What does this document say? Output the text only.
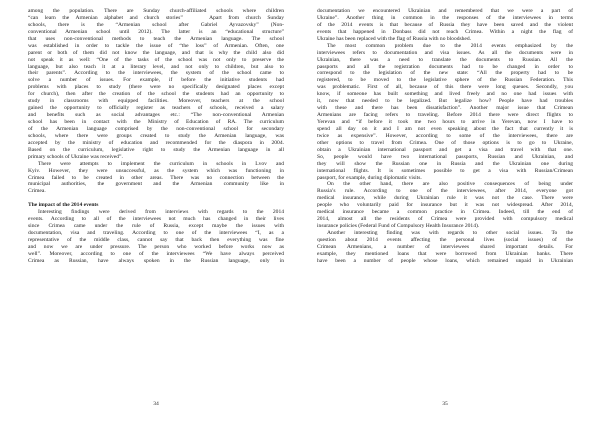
among the population. There are Sunday church-affiliated schools where children
“can learn the Armenian alphabet and church stories”    Apart from church Sunday
schools, there is the “Armenian school after Gabriel Ayvazovsky” (Non-
conventional Armenian school until 2012). The latter is an “educational structure”
that uses non-conventional methods to teach the Armenian language. The school
was established in order to tackle the issue of “the loss” of Armenian. Often, one
parent or both of them did not know the language, and that is why the child also did
not speak it as well: “One of the tasks of the school was not only to preserve the
language, but also teach it at a literary level, and not only to children, but also to
their parents”. According to the interviewees, the system of the school came to
solve a number of issues. For example, if before the initiative students had
problems with places to study (there were no specifically designated places except
for church), then after the creation of the school the students had an opportunity to
study in classrooms with equipped facilities. Moreover, teachers at the school
gained the opportunity to officially register as teachers of schools, received a salary
and benefits such as social advantages etc.: “The non-conventional Armenian
school has been in contact with the Ministry of Education of RA. The curriculum
of the Armenian language comprised by the non-conventional school for secondary
schools, where there were groups created to study the Armenian language, was
accepted by the ministry of education and recommended for the diaspora in 2004.
Based on the curriculum, legislative right to study the Armenian language in all
primary schools of Ukraine was received”.
There were attempts to implement the curriculum in schools in Lvov and
Kyiv. However, they were unsuccessful, as the system which was functioning in
Crimea failed to be created in other areas. There was no connection between the
municipal authorities, the government and the Armenian community like in
Crimea.
The impact of the 2014 events
Interesting findings were derived from interviews with regards to the 2014
events. According to all of the interviewees not much has changed in their lives
since Crimea came under the rule of Russia, except maybe the issues with
documentation, visa and traveling. According to one of the interviewees “I, as a
representative of the middle class, cannot say that back then everything was fine
and now we are under pressure. The person who worked before works now as
well”. Moreover, according to one of the interviewees “We have always perceived
Crimea as Russian, have always spoken in the Russian language, only in
34
documentation we encountered Ukrainian and remembered that we were a part of
Ukraine”. Another thing in common in the responses of the interviewees in terms
of the 2014 events is that because of Russia they have been saved and the violent
events that happened in Donbass did not reach Crimea. Within a night the flag of
Ukraine has been replaced with the flag of Russia with no bloodshed.
The most common problem due to the 2014 events emphasized by the
interviewees refers to documentation and visa issues. As all the documents were in
Ukrainian, there was a need to translate the documents to Russian. All the
passports and all the registration documents had to be changed in order to
correspond to the legislation of the new state: “All the property had to be
registered, to be moved to the legislative sphere of the Russian Federation. This
was problematic. First of all, because of this there were long queues. Secondly, you
know, if someone has built something and lived freely and no one had issues with
it, now that needed to be legalized. But legalize how? People have had troubles
with these and there has been dissatisfaction”. Another major issue that Crimean
Armenians are facing refers to traveling. Before 2014 there were direct flights to
Yerevan and “if before it took me two hours to arrive in Yerevan, now I have to
spend all day on it and I am not even speaking about the fact that currently it is
twice as expensive”. However, according to some of the interviewees, there are
other options to travel from Crimea. One of those options is to go to Ukraine,
obtain a Ukrainian international passport and get a visa and travel with that one.
So, people would have two international passports, Russian and Ukrainian, and
they will show the Russian one in Russia and the Ukrainian one during
international flights. It is sometimes possible to get a visa with Russian/Crimean
passport, for example, during diplomatic visits.
On the other hand, there are also positive consequences of being under
Russia’s rule. According to one of the interviewees, after 2014, everyone got
medical insurance, while during Ukrainian rule it was not the case. There were
people who voluntarily paid for insurance but it was not widespread. After 2014,
medical insurance became a common practice in Crimea. Indeed, till the end of
2014, almost all the residents of Crimea were provided with compulsory medical
insurance policies (Federal Fund of Compulsory Health Insurance 2014).
Another interesting finding was with regards to other social issues. To the
question about 2014 events affecting the personal lives (social issues) of the
Crimean Armenians, a number of interviewees shared important details. For
example, they mentioned loans that were borrowed from Ukrainian banks. There
have been a number of people whose loans, which remained unpaid in Ukrainian
35
